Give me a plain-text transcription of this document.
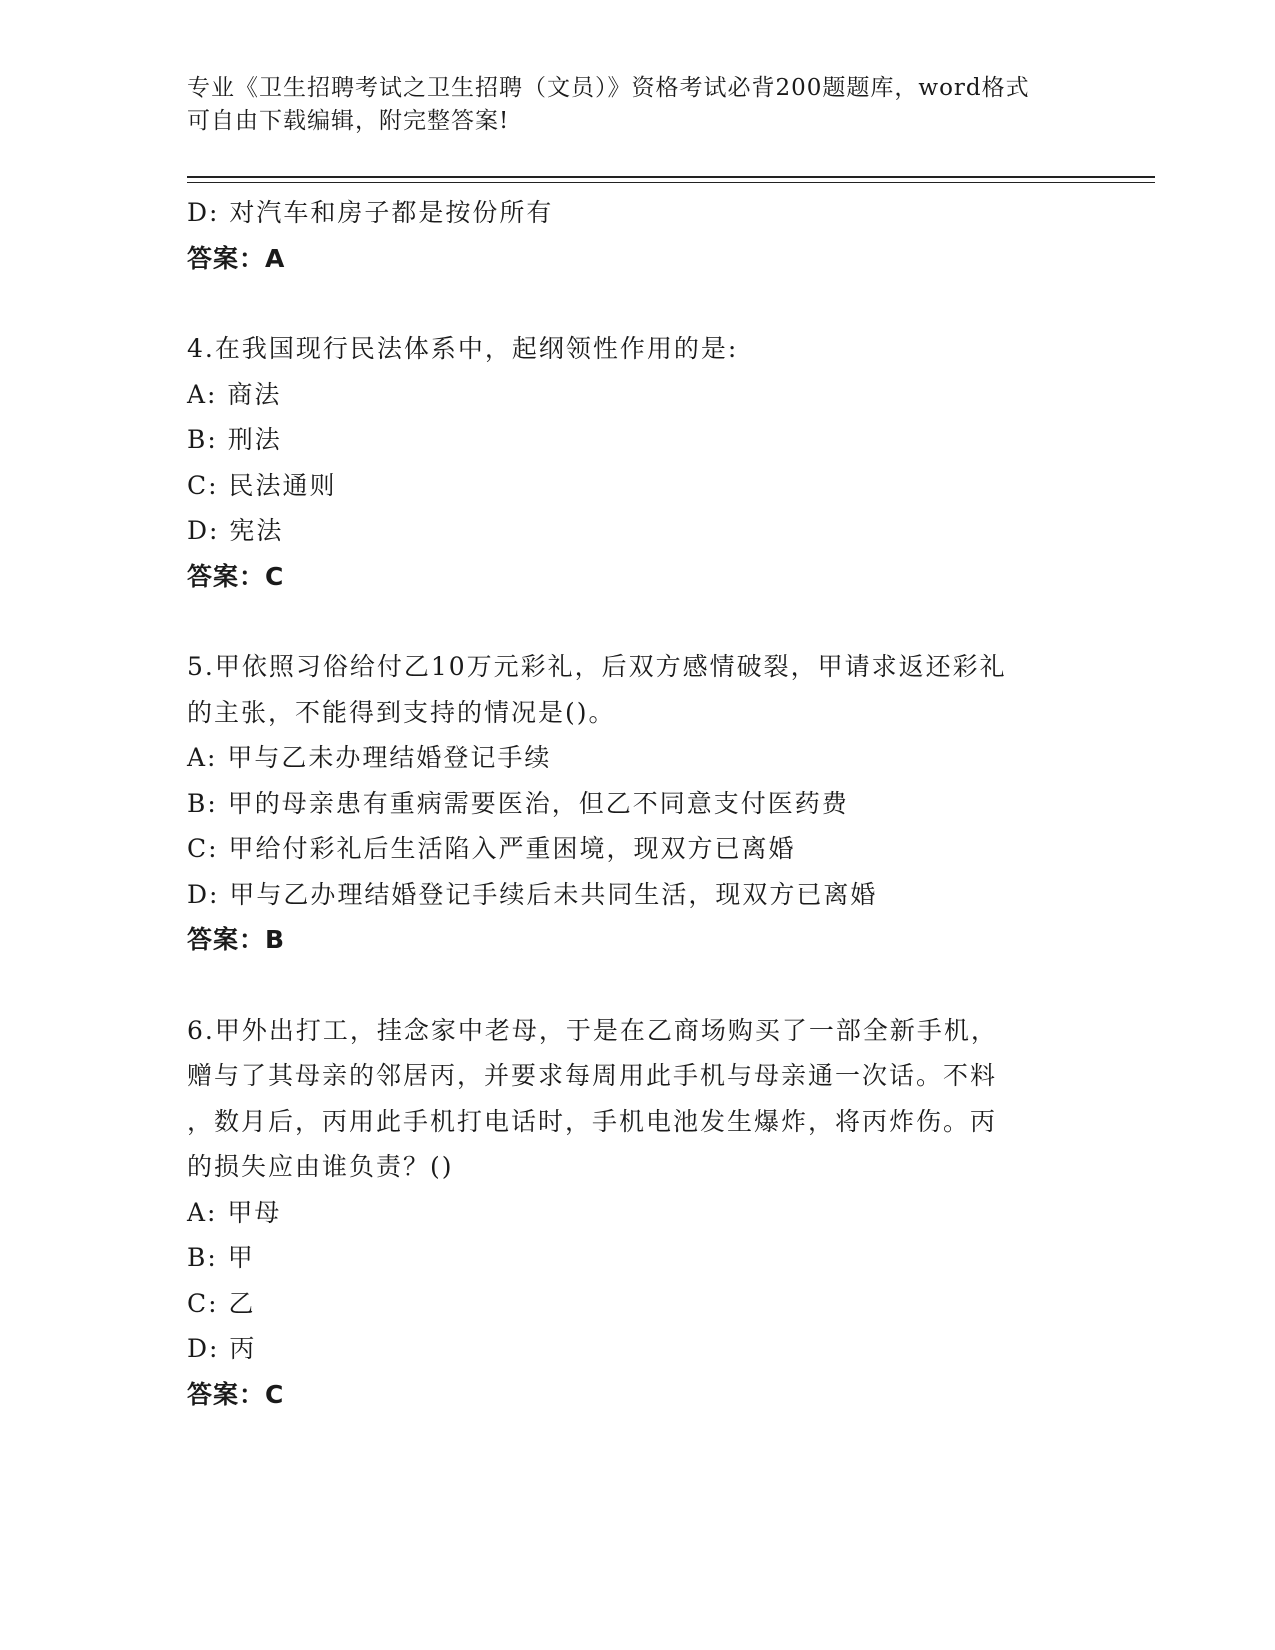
专业《卫生招聘考试之卫生招聘（文员）》资格考试必背200题题库，word格式
可自由下载编辑，附完整答案!
D: 对汽车和房子都是按份所有
答案：A
4.在我国现行民法体系中，起纲领性作用的是:
A: 商法
B: 刑法
C: 民法通则
D: 宪法
答案：C
5.甲依照习俗给付乙10万元彩礼，后双方感情破裂，甲请求返还彩礼
的主张，不能得到支持的情况是()。
A: 甲与乙未办理结婚登记手续
B: 甲的母亲患有重病需要医治，但乙不同意支付医药费
C: 甲给付彩礼后生活陷入严重困境，现双方已离婚
D: 甲与乙办理结婚登记手续后未共同生活，现双方已离婚
答案：B
6.甲外出打工，挂念家中老母，于是在乙商场购买了一部全新手机，
赠与了其母亲的邻居丙，并要求每周用此手机与母亲通一次话。不料
，数月后，丙用此手机打电话时，手机电池发生爆炸，将丙炸伤。丙
的损失应由谁负责？()
A: 甲母
B: 甲
C: 乙
D: 丙
答案：C
